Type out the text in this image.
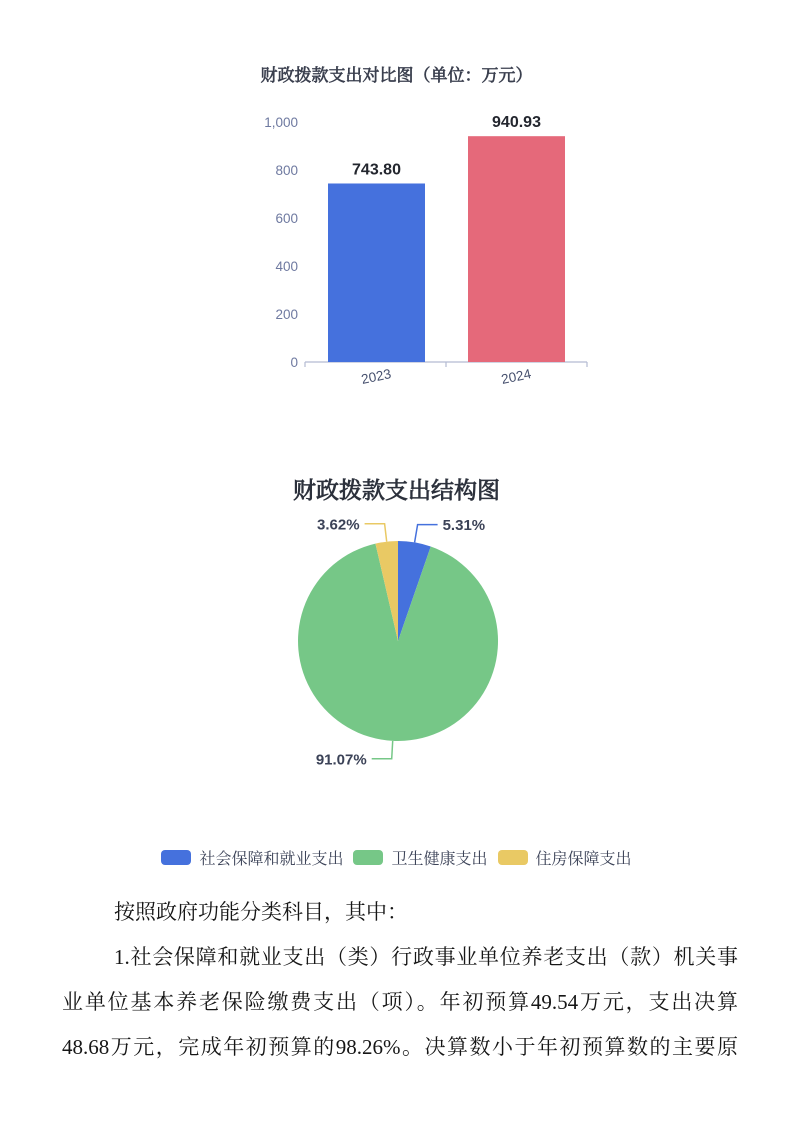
财政拨款支出对比图（单位：万元）
0
200
400
600
800
1,000
743.80
2023
940.93
2024
财政拨款支出结构图
5.31%
91.07%
3.62%
社会保障和就业支出	卫生健康支出	住房保障支出
按照政府功能分类科目，其中：
1.社会保障和就业支出（类）行政事业单位养老支出（款）机关事
业单位基本养老保险缴费支出（项）。年初预算49.54万元，支出决算
48.68万元，完成年初预算的98.26%。决算数小于年初预算数的主要原
